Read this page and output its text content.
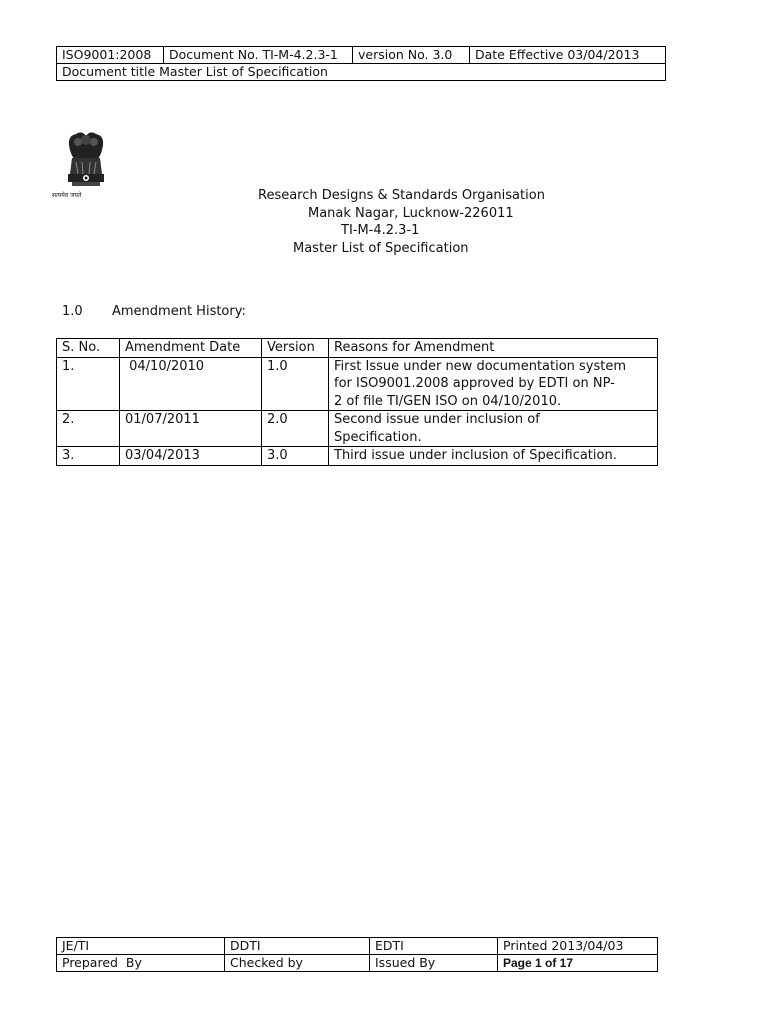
ISO9001:2008	Document No. TI-M-4.2.3-1	version No. 3.0	Date Effective 03/04/2013
Document title Master List of Specification
सत्यमेव जयते	Research Designs & Standards Organisation
Manak Nagar, Lucknow-226011
TI-M-4.2.3-1
Master List of Specification
1.0 Amendment History:
S. No.	Amendment Date	Version	Reasons for Amendment
1.	04/10/2010	1.0	First Issue under new documentation system
for ISO9001.2008 approved by EDTI on NP-
2 of file TI/GEN ISO on 04/10/2010.

2.	01/07/2011	2.0	Second issue under inclusion of
Specification.

3.	03/04/2013	3.0	Third issue under inclusion of Specification.
JE/TI	DDTI	EDTI	Printed 2013/04/03
Prepared  By	Checked by	Issued By	Page 1 of 17
